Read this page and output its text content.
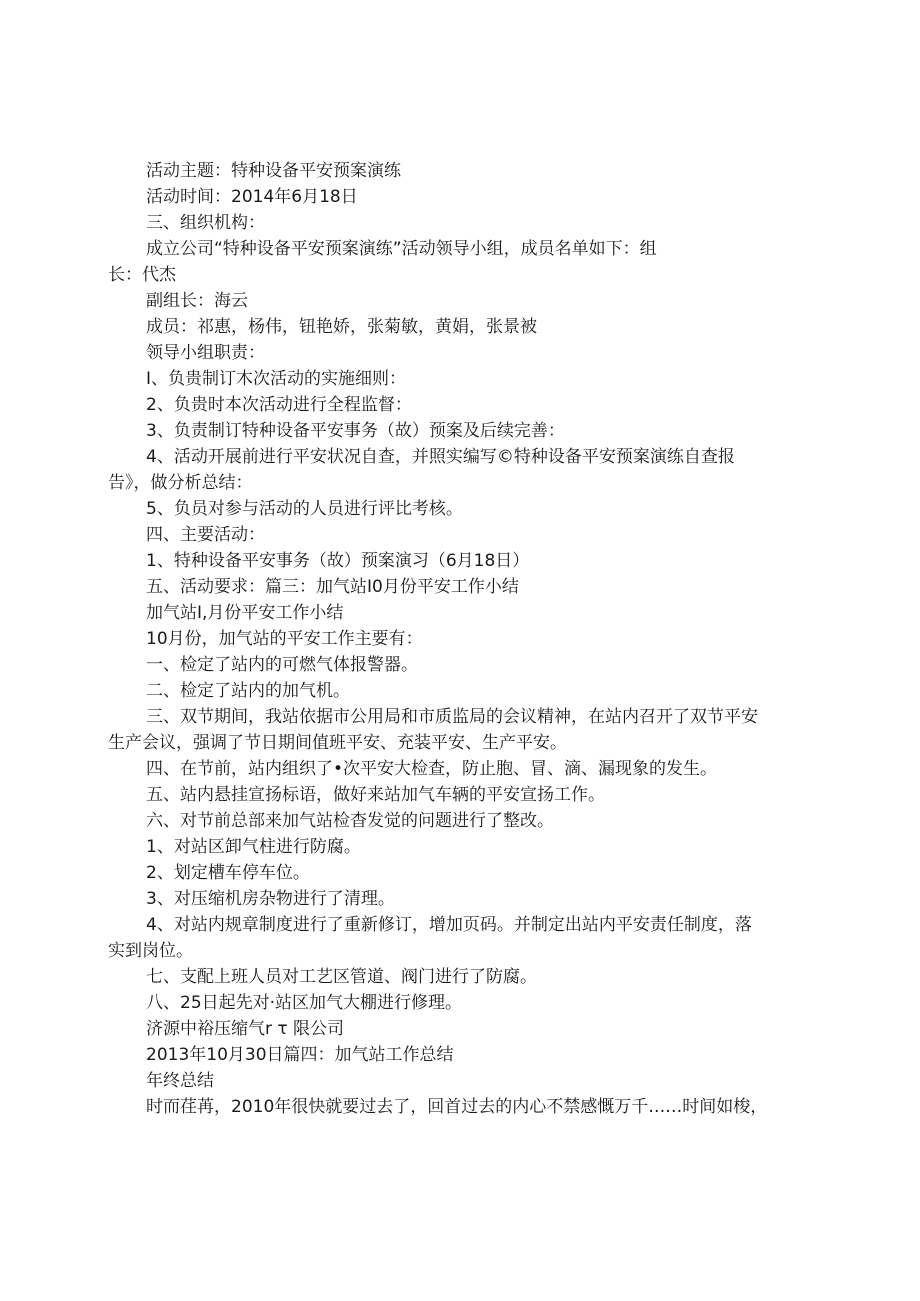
活动主题：特种设备平安预案演练
活动时间：2014年6月18日
三、组织机构：
成立公司“特种设备平安预案演练”活动领导小组，成员名单如下：组
长：代杰
副组长：海云
成员：祁惠，杨伟，钮艳娇，张菊敏，黄娟，张景被
领导小组职责：
I、负贵制订木次活动的实施细则：
2、负贵时本次活动进行全程监督：
3、负责制订特种设备平安事务（故）预案及后续完善：
4、活动开展前进行平安状况自查，并照实编写©特种设备平安预案演练自查报
告》，做分析总结：
5、负员对参与活动的人员进行评比考核。
四、主要活动：
1、特种设备平安事务（故）预案演习（6月18日）
五、活动要求：篇三：加气站I0月份平安工作小结
加气站I,月份平安工作小结
10月份，加气站的平安工作主要有：
一、检定了站内的可燃气体报警器。
二、检定了站内的加气机。
三、双节期间，我站依据市公用局和市质监局的会议精神，在站内召开了双节平安
生产会议，强调了节日期间值班平安、充装平安、生产平安。
四、在节前，站内组织了•次平安大检查，防止胞、冒、滴、漏现象的发生。
五、站内悬挂宣扬标语，做好来站加气车辆的平安宣扬工作。
六、对节前总部来加气站检杳发觉的问题进行了整改。
1、对站区卸气柱进行防腐。
2、划定槽车停车位。
3、对压缩机房杂物进行了清理。
4、对站内规章制度进行了重新修订，增加页码。并制定出站内平安责任制度，落
实到岗位。
七、支配上班人员对工艺区管道、阀门进行了防腐。
八、25日起先对·站区加气大棚进行修理。
济源中裕压缩气r τ 限公司
2013年10月30日篇四：加气站工作总结
年终总结
时而荏苒，2010年很快就要过去了，回首过去的内心不禁感慨万千……时间如梭，
